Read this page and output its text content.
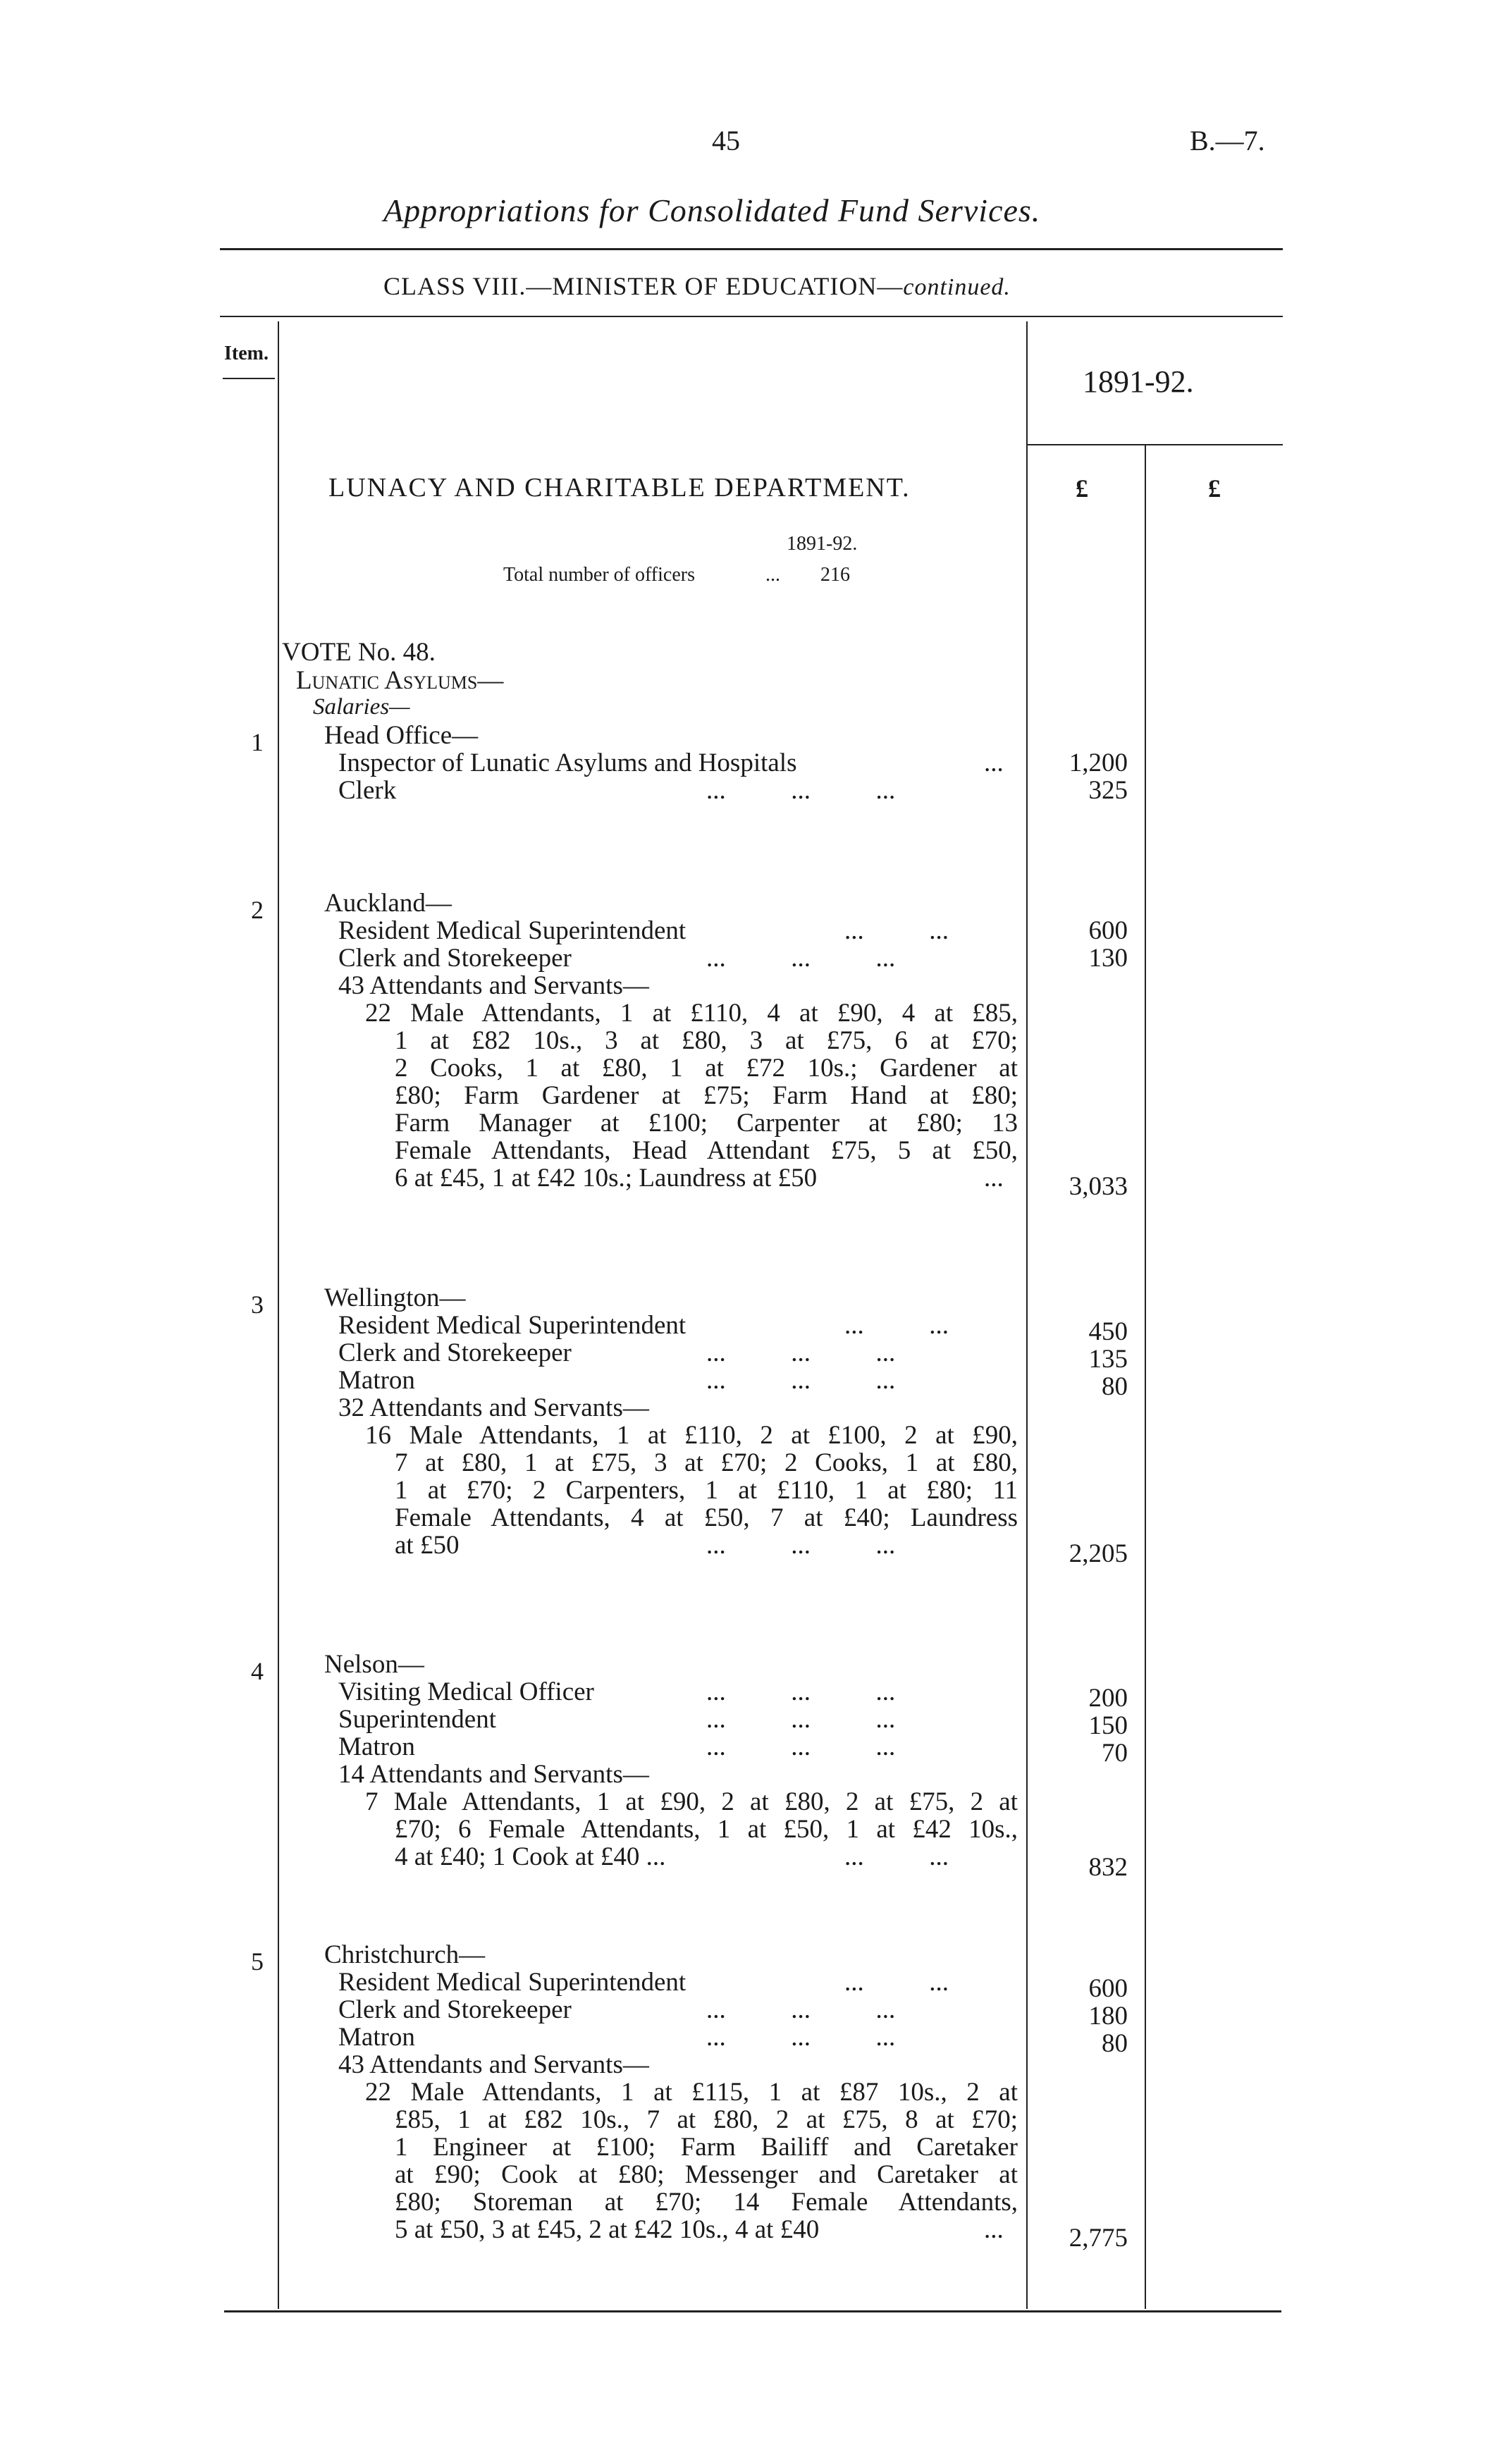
45	B.—7.
Appropriations for Consolidated Fund Services.
CLASS VIII.—MINISTER OF EDUCATION—continued.
Item.
1891-92.
£	£
LUNACY AND CHARITABLE DEPARTMENT.
1891-92.
Total number of officers	... 216
VOTE No. 48.
Lunatic Asylums—
Salaries—
1 Head Office—
Inspector of Lunatic Asylums and Hospitals	...	1,200
Clerk	...          ...          ...	325
2 Auckland—
Resident Medical Superintendent	...          ...	600
Clerk and Storekeeper	...          ...          ...	130
43 Attendants and Servants—
22 Male Attendants, 1 at £110, 4 at £90, 4 at £85,
1 at £82 10s., 3 at £80, 3 at £75, 6 at £70;
2 Cooks, 1 at £80, 1 at £72 10s.; Gardener at
£80; Farm Gardener at £75; Farm Hand at £80;
Farm Manager at £100; Carpenter at £80; 13
Female Attendants, Head Attendant £75, 5 at £50,
6 at £45, 1 at £42 10s.; Laundress at £50	...	3,033
3 Wellington—
Resident Medical Superintendent	...          ...	450
Clerk and Storekeeper	...          ...          ...	135
Matron	...          ...          ...	80
32 Attendants and Servants—
16 Male Attendants, 1 at £110, 2 at £100, 2 at £90,
7 at £80, 1 at £75, 3 at £70; 2 Cooks, 1 at £80,
1 at £70; 2 Carpenters, 1 at £110, 1 at £80; 11
Female Attendants, 4 at £50, 7 at £40; Laundress
at £50	...          ...          ...	2,205
4 Nelson—
Visiting Medical Officer	...          ...          ...	200
Superintendent	...          ...          ...	150
Matron	...          ...          ...	70
14 Attendants and Servants—
7 Male Attendants, 1 at £90, 2 at £80, 2 at £75, 2 at
£70; 6 Female Attendants, 1 at £50, 1 at £42 10s.,
4 at £40; 1 Cook at £40 ...	...          ...	832
5 Christchurch—
Resident Medical Superintendent	...          ...	600
Clerk and Storekeeper	...          ...          ...	180
Matron	...          ...          ...	80
43 Attendants and Servants—
22 Male Attendants, 1 at £115, 1 at £87 10s., 2 at
£85, 1 at £82 10s., 7 at £80, 2 at £75, 8 at £70;
1 Engineer at £100; Farm Bailiff and Caretaker
at £90; Cook at £80; Messenger and Caretaker at
£80; Storeman at £70; 14 Female Attendants,
5 at £50, 3 at £45, 2 at £42 10s., 4 at £40	...	2,775
